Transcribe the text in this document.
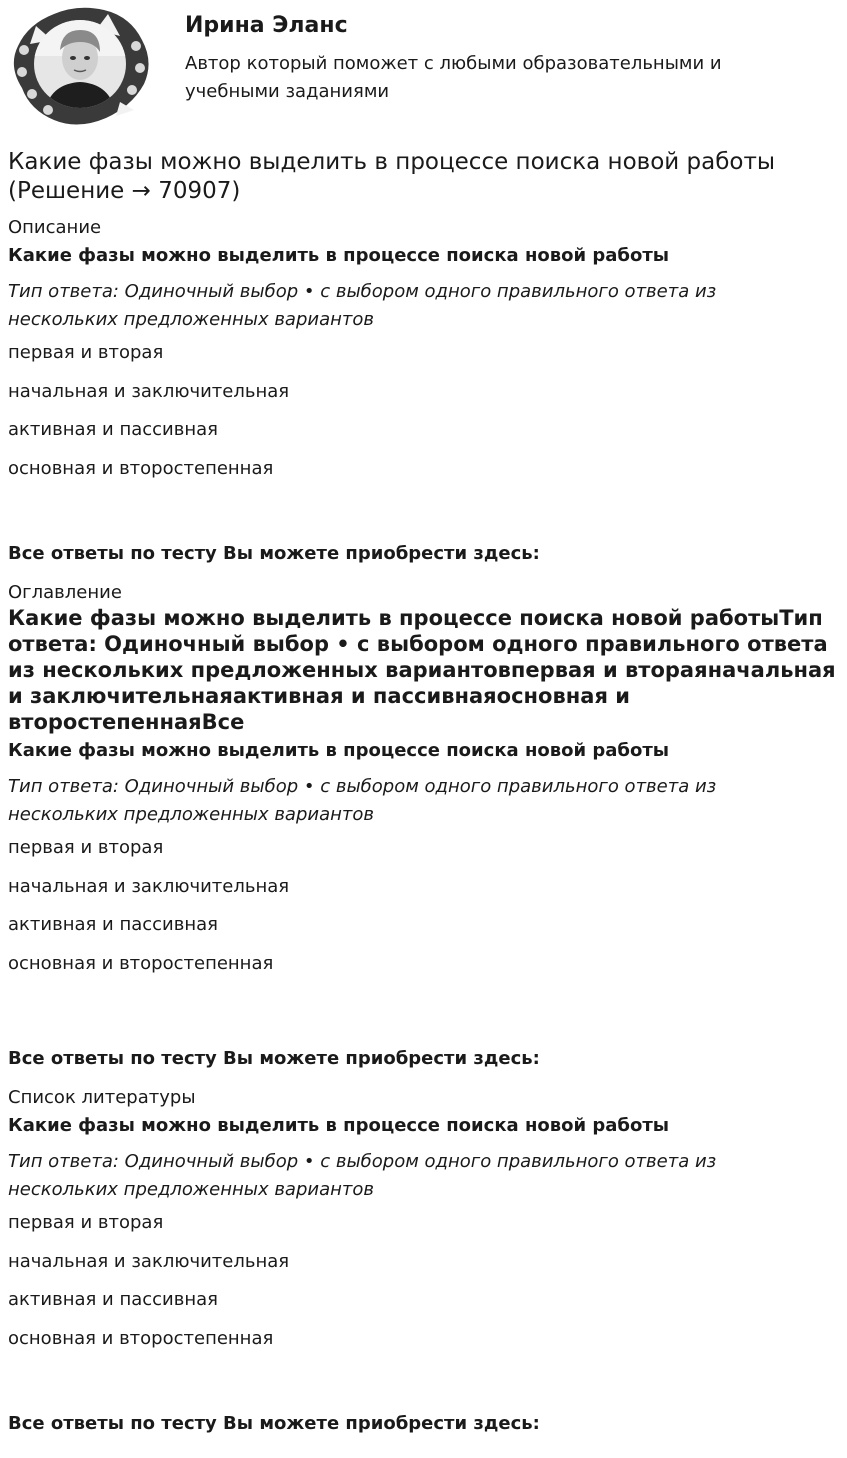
Ирина Эланс

Автор который поможет с любыми образовательными и учебными заданиями

Какие фазы можно выделить в процессе поиска новой работы (Решение → 70907)

Описание

Какие фазы можно выделить в процессе поиска новой работы

Тип ответа: Одиночный выбор • с выбором одного правильного ответа из нескольких предложенных вариантов

первая и вторая
начальная и заключительная
активная и пассивная
основная и второстепенная

Все ответы по тесту Вы можете приобрести здесь:

Оглавление

Какие фазы можно выделить в процессе поиска новой работыТип ответа: Одиночный выбор • с выбором одного правильного ответа из нескольких предложенных вариантовпервая и втораяначальная и заключительнаяактивная и пассивнаяосновная и второстепеннаяВсе

Какие фазы можно выделить в процессе поиска новой работы

Тип ответа: Одиночный выбор • с выбором одного правильного ответа из нескольких предложенных вариантов

первая и вторая
начальная и заключительная
активная и пассивная
основная и второстепенная

Все ответы по тесту Вы можете приобрести здесь:

Список литературы

Какие фазы можно выделить в процессе поиска новой работы

Тип ответа: Одиночный выбор • с выбором одного правильного ответа из нескольких предложенных вариантов

первая и вторая
начальная и заключительная
активная и пассивная
основная и второстепенная

Все ответы по тесту Вы можете приобрести здесь:
